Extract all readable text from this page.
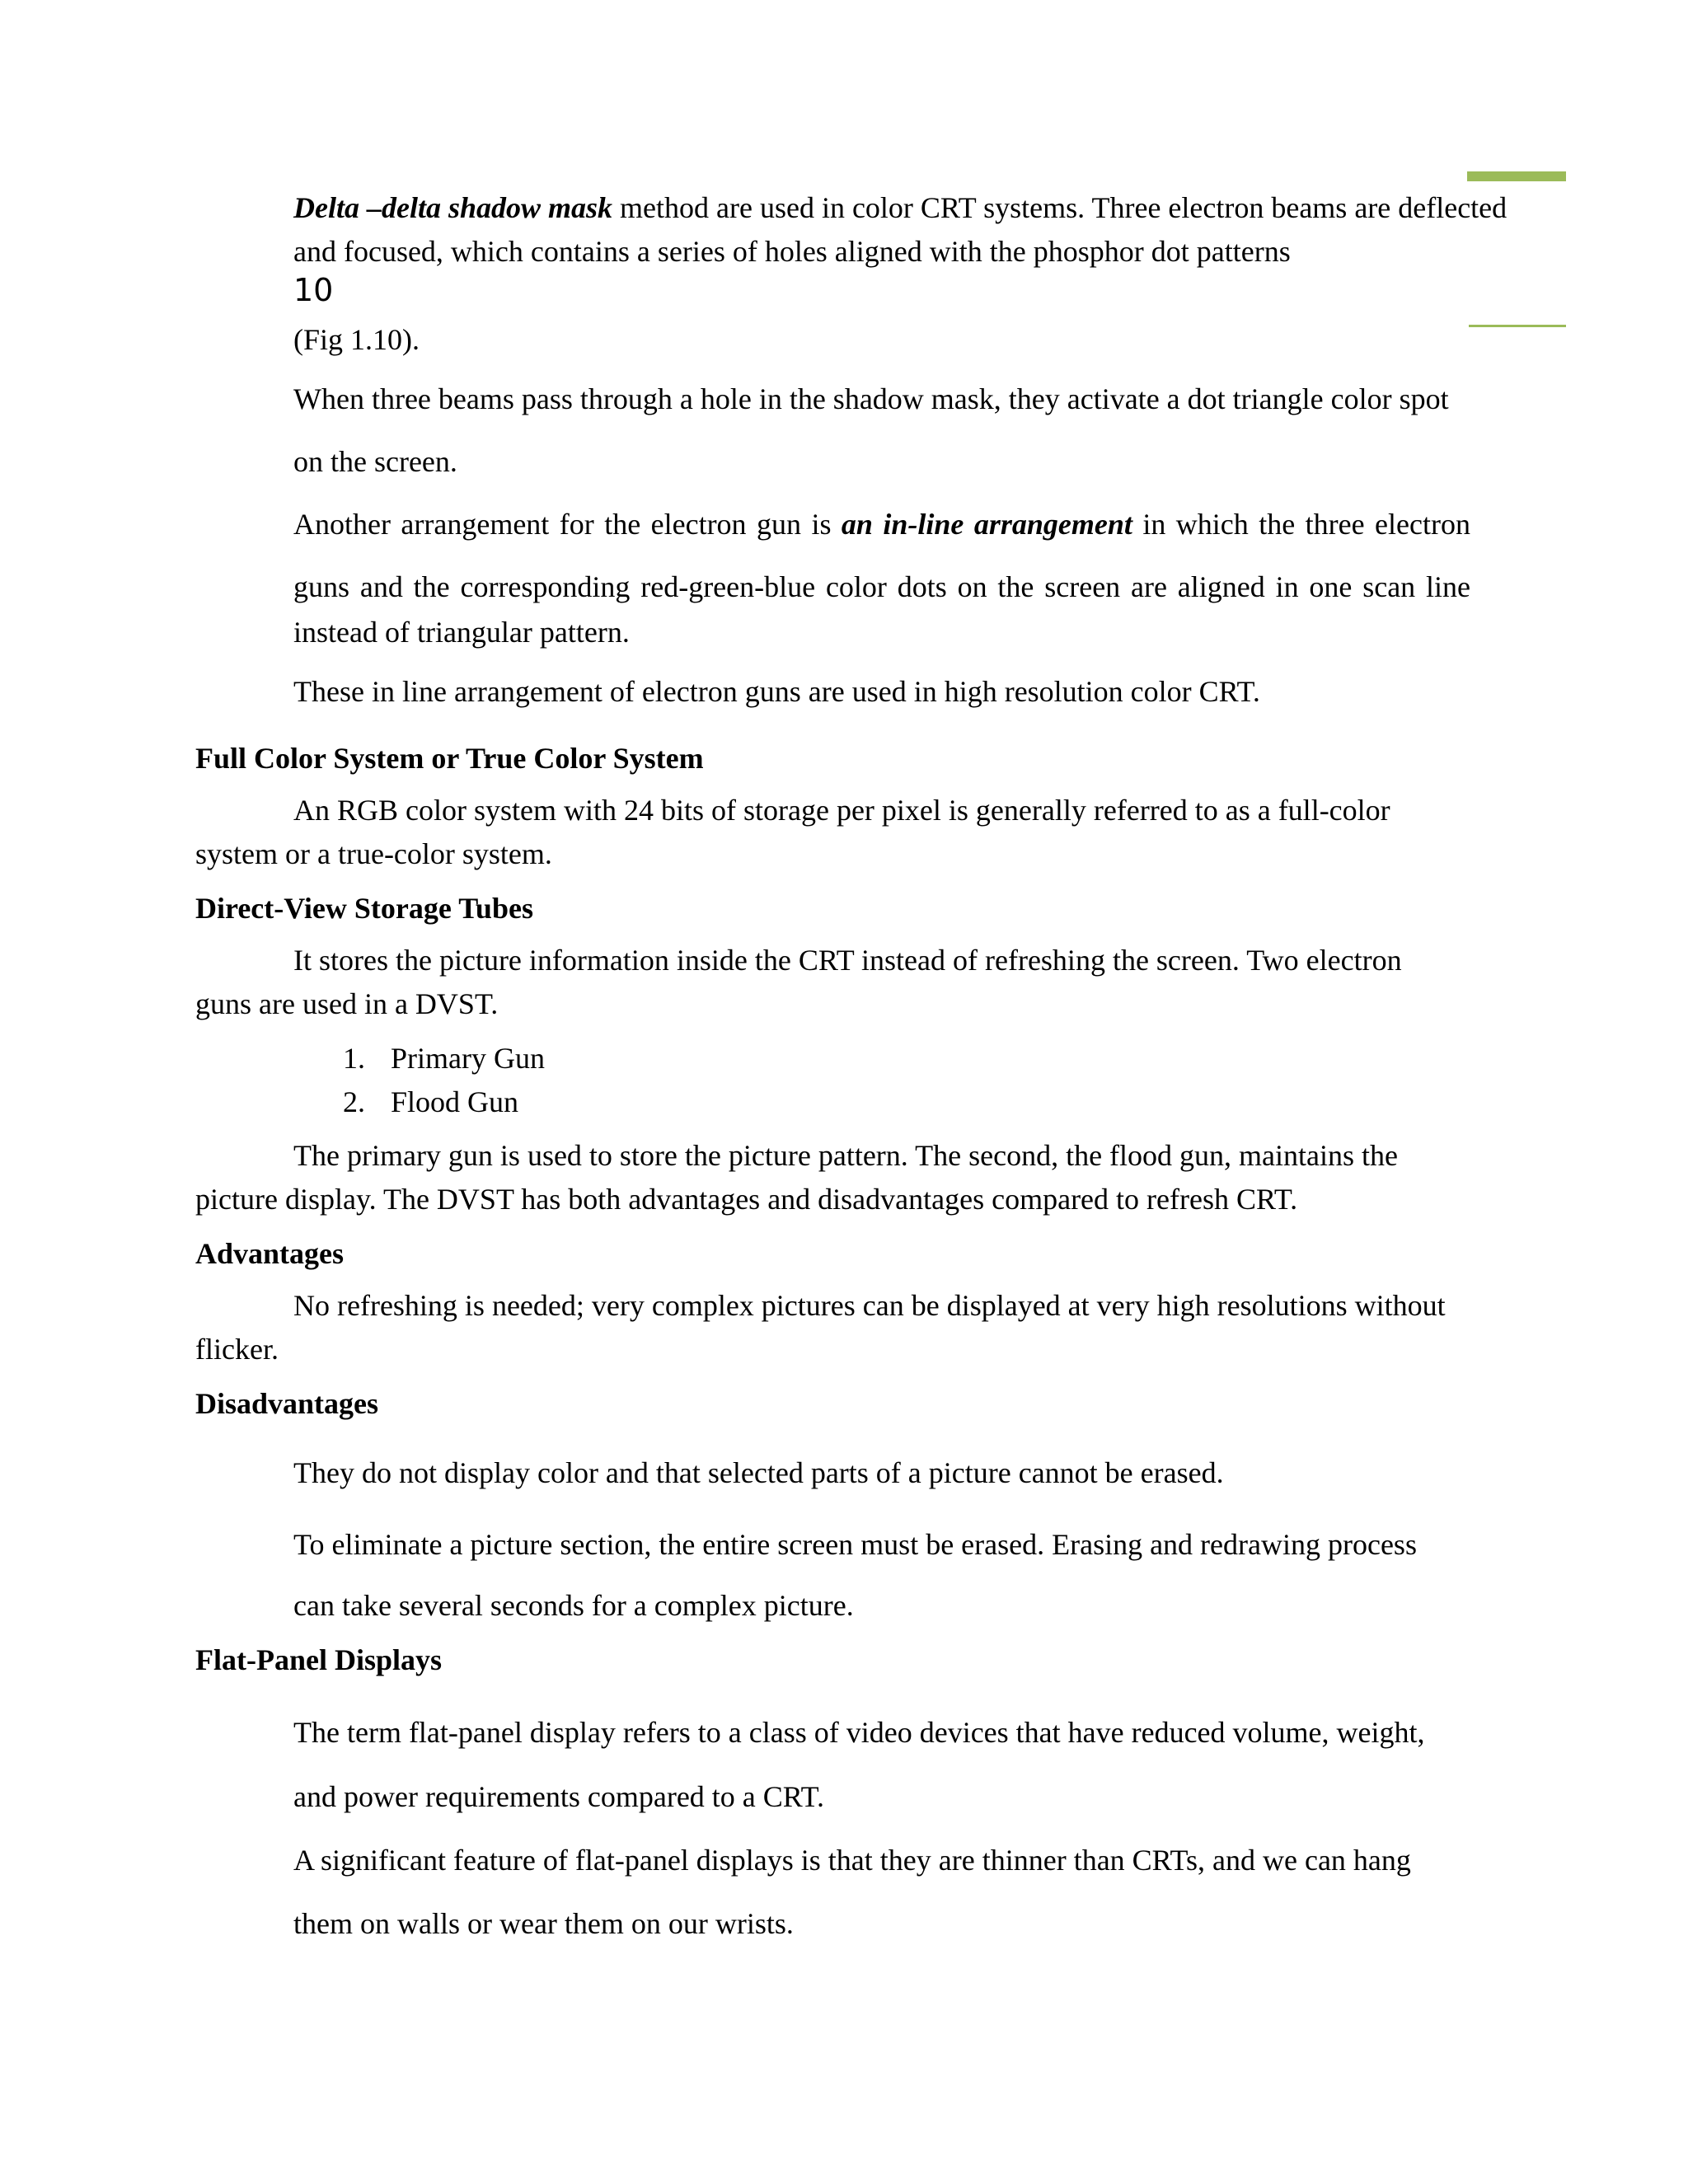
Delta –delta shadow mask method are used in color CRT systems. Three electron beams are deflected

and focused, which contains a series of holes aligned with the phosphor dot patterns

10

(Fig 1.10).

When three beams pass through a hole in the shadow mask, they activate a dot triangle color spot

on the screen.

Another arrangement for the electron gun is an in-line arrangement in which the three electron

guns and the corresponding red-green-blue color dots on the screen are aligned in one scan line

instead of triangular pattern.

These in line arrangement of electron guns are used in high resolution color CRT.

Full Color System or True Color System

An RGB color system with 24 bits of storage per pixel is generally referred to as a full-color

system or a true-color system.

Direct-View Storage Tubes

It stores the picture information inside the CRT instead of refreshing the screen. Two electron

guns are used in a DVST.

1. Primary Gun
2. Flood Gun

The primary gun is used to store the picture pattern. The second, the flood gun, maintains the

picture display. The DVST has both advantages and disadvantages compared to refresh CRT.

Advantages

No refreshing is needed; very complex pictures can be displayed at very high resolutions without

flicker.

Disadvantages

They do not display color and that selected parts of a picture cannot be erased.

To eliminate a picture section, the entire screen must be erased. Erasing and redrawing process

can take several seconds for a complex picture.

Flat-Panel Displays

The term flat-panel display refers to a class of video devices that have reduced volume, weight,

and power requirements compared to a CRT.

A significant feature of flat-panel displays is that they are thinner than CRTs, and we can hang

them on walls or wear them on our wrists.
